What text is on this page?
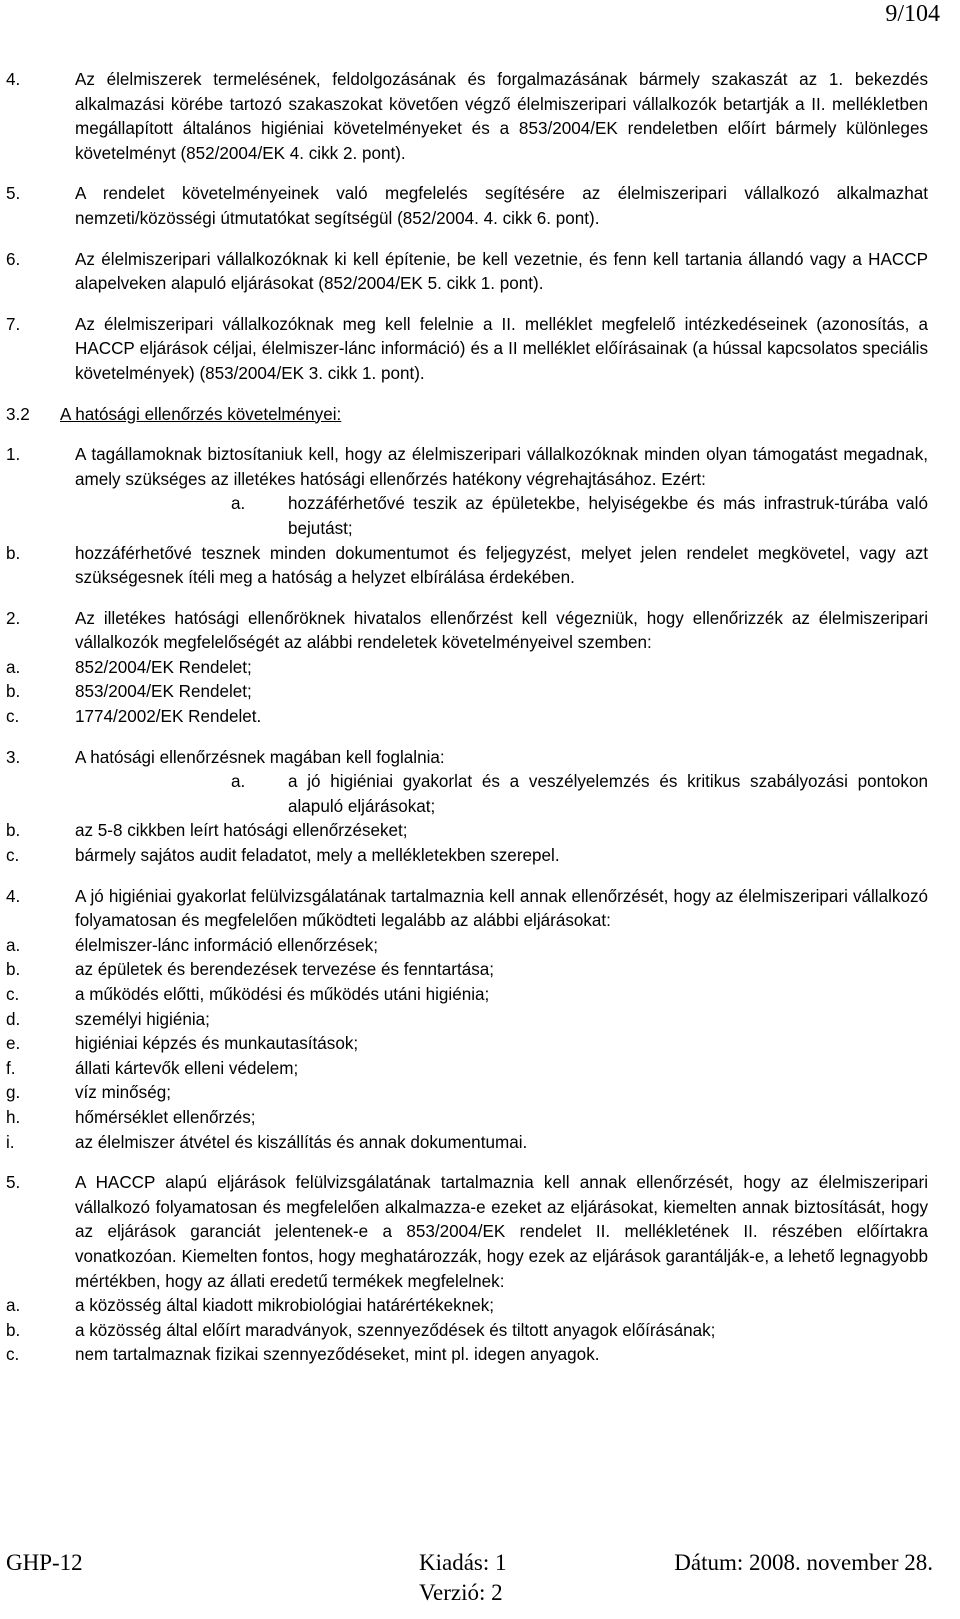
9/104
4.	Az élelmiszerek termelésének, feldolgozásának és forgalmazásának bármely szakaszát az 1. bekezdés alkalmazási körébe tartozó szakaszokat követően végző élelmiszeripari vállalkozók betartják a II. mellékletben megállapított általános higiéniai követelményeket és a 853/2004/EK rendeletben előírt bármely különleges követelményt (852/2004/EK 4. cikk 2. pont).
5.	A rendelet követelményeinek való megfelelés segítésére az élelmiszeripari vállalkozó alkalmazhat nemzeti/közösségi útmutatókat segítségül (852/2004. 4. cikk 6. pont).
6.	Az élelmiszeripari vállalkozóknak ki kell építenie, be kell vezetnie, és fenn kell tartania állandó vagy a HACCP alapelveken alapuló eljárásokat (852/2004/EK 5. cikk 1. pont).
7.	Az élelmiszeripari vállalkozóknak meg kell felelnie a II. melléklet megfelelő intézkedéseinek (azonosítás, a HACCP eljárások céljai, élelmiszer-lánc információ) és a II melléklet előírásainak (a hússal kapcsolatos speciális követelmények) (853/2004/EK 3. cikk 1. pont).
3.2 A hatósági ellenőrzés követelményei:
1.	A tagállamoknak biztosítaniuk kell, hogy az élelmiszeripari vállalkozóknak minden olyan támogatást megadnak, amely szükséges az illetékes hatósági ellenőrzés hatékony végrehajtásához. Ezért:
a. hozzáférhetővé teszik az épületekbe, helyiségekbe és más infrastruk-túrába való bejutást;
b.	hozzáférhetővé tesznek minden dokumentumot és feljegyzést, melyet jelen rendelet megkövetel, vagy azt szükségesnek ítéli meg a hatóság a helyzet elbírálása érdekében.
2.	Az illetékes hatósági ellenőröknek hivatalos ellenőrzést kell végezniük, hogy ellenőrizzék az élelmiszeripari vállalkozók megfelelőségét az alábbi rendeletek követelményeivel szemben:
a.	852/2004/EK Rendelet;
b.	853/2004/EK Rendelet;
c.	1774/2002/EK Rendelet.
3.	A hatósági ellenőrzésnek magában kell foglalnia:
a. a jó higiéniai gyakorlat és a veszélyelemzés és kritikus szabályozási pontokon alapuló eljárásokat;
b.	az 5-8 cikkben leírt hatósági ellenőrzéseket;
c.	bármely sajátos audit feladatot, mely a mellékletekben szerepel.
4.	A jó higiéniai gyakorlat felülvizsgálatának tartalmaznia kell annak ellenőrzését, hogy az élelmiszeripari vállalkozó folyamatosan és megfelelően működteti legalább az alábbi eljárásokat:
a.	élelmiszer-lánc információ ellenőrzések;
b.	az épületek és berendezések tervezése és fenntartása;
c.	a működés előtti, működési és működés utáni higiénia;
d.	személyi higiénia;
e.	higiéniai képzés és munkautasítások;
f.	állati kártevők elleni védelem;
g.	víz minőség;
h.	hőmérséklet ellenőrzés;
i.	az élelmiszer átvétel és kiszállítás és annak dokumentumai.
5.	A HACCP alapú eljárások felülvizsgálatának tartalmaznia kell annak ellenőrzését, hogy az élelmiszeripari vállalkozó folyamatosan és megfelelően alkalmazza-e ezeket az eljárásokat, kiemelten annak biztosítását, hogy az eljárások garanciát jelentenek-e a 853/2004/EK rendelet II. mellékletének II. részében előírtakra vonatkozóan. Kiemelten fontos, hogy meghatározzák, hogy ezek az eljárások garantálják-e, a lehető legnagyobb mértékben, hogy az állati eredetű termékek megfelelnek:
a.	a közösség által kiadott mikrobiológiai határértékeknek;
b.	a közösség által előírt maradványok, szennyeződések és tiltott anyagok előírásának;
c.	nem tartalmaznak fizikai szennyeződéseket, mint pl. idegen anyagok.
GHP-12	Kiadás: 1
Verzió: 2
Dátum: 2008. november 28.
